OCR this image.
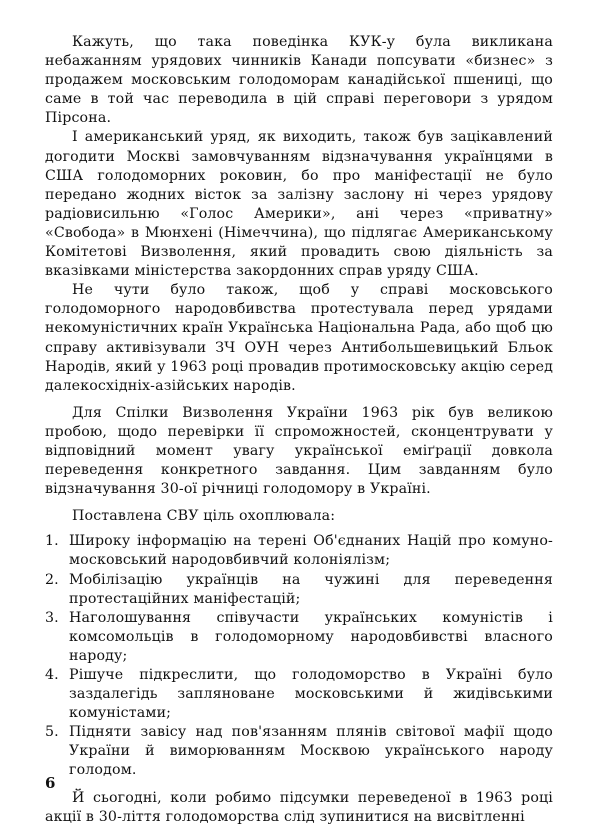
Кажуть, що така поведінка КУК-у була викликана небажанням урядових чинників Канади попсувати «бизнес» з продажем московським голодоморам канадійської пшениці, що саме в той час переводила в цій справі переговори з урядом Пірсона.

І американський уряд, як виходить, також був зацікавлений догодити Москві замовчуванням відзначування українцями в США голодоморних роковин, бо про маніфестації не було передано жодних вісток за залізну заслону ні через урядову радіовисильню «Голос Америки», ані через «приватну» «Свобода» в Мюнхені (Німеччина), що підлягає Американському Комітетові Визволення, який провадить свою діяльність за вказівками міністерства закордонних справ уряду США.

Не чути було також, щоб у справі московського голодоморного народовбивства протестувала перед урядами некомуністичних країн Українська Національна Рада, або щоб цю справу активізували ЗЧ ОУН через Антибольшевицький Бльок Народів, який у 1963 році провадив протимосковську акцію серед далекосхідніх-азійських народів.

Для Спілки Визволення України 1963 рік був великою пробою, щодо перевірки її спроможностей, сконцентрувати у відповідний момент увагу української еміґрації довкола переведення конкретного завдання. Цим завданням було відзначування 30-ої річниці голодомору в Україні.

Поставлена СВУ ціль охоплювала:

1. Широку інформацію на терені Об'єднаних Націй про комуно-московський народовбивчий колоніялізм;
2. Мобілізацію українців на чужині для переведення протестаційних маніфестацій;
3. Наголошування співучасти українських комуністів і комсомольців в голодоморному народовбивстві власного народу;
4. Рішуче підкреслити, що голодоморство в Україні було заздалегідь запляноване московськими й жидівськими комуністами;
5. Підняти завісу над пов'язанням плянів світової мафії щодо України й виморюванням Москвою українського народу голодом.

Й сьогодні, коли робимо підсумки переведеної в 1963 році акції в 30-ліття голодоморства слід зупинитися на висвітленні

6
